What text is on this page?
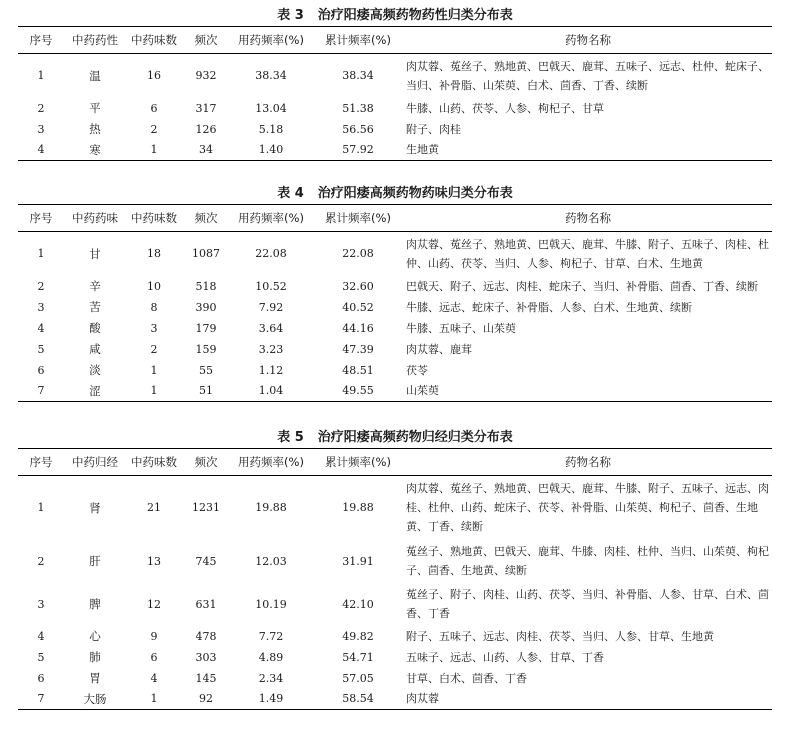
表 3 治疗阳痿高频药物药性归类分布表
序号	中药药性	中药味数	频次	用药频率(%)	累计频率(%)	药物名称
1	温	16	932	38.34	38.34	肉苁蓉、菟丝子、熟地黄、巴戟天、鹿茸、五味子、远志、杜仲、蛇床子、
当归、补骨脂、山茱萸、白术、茴香、丁香、续断

2	平	6	317	13.04	51.38	牛膝、山药、茯苓、人参、枸杞子、甘草

3	热	2	126	5.18	56.56	附子、肉桂

4	寒	1	34	1.40	57.92	生地黄
表 4 治疗阳痿高频药物药味归类分布表
序号	中药药味	中药味数	频次	用药频率(%)	累计频率(%)	药物名称
1	甘	18	1087	22.08	22.08	肉苁蓉、菟丝子、熟地黄、巴戟天、鹿茸、牛膝、附子、五味子、肉桂、杜
仲、山药、茯苓、当归、人参、枸杞子、甘草、白术、生地黄

2	辛	10	518	10.52	32.60	巴戟天、附子、远志、肉桂、蛇床子、当归、补骨脂、茴香、丁香、续断

3	苦	8	390	7.92	40.52	牛膝、远志、蛇床子、补骨脂、人参、白术、生地黄、续断

4	酸	3	179	3.64	44.16	牛膝、五味子、山茱萸

5	咸	2	159	3.23	47.39	肉苁蓉、鹿茸

6	淡	1	55	1.12	48.51	茯苓

7	涩	1	51	1.04	49.55	山茱萸
表 5 治疗阳痿高频药物归经归类分布表
序号	中药归经	中药味数	频次	用药频率(%)	累计频率(%)	药物名称
1	肾	21	1231	19.88	19.88	肉苁蓉、菟丝子、熟地黄、巴戟天、鹿茸、牛膝、附子、五味子、远志、肉
桂、杜仲、山药、蛇床子、茯苓、补骨脂、山茱萸、枸杞子、茴香、生地
黄、丁香、续断

2	肝	13	745	12.03	31.91	菟丝子、熟地黄、巴戟天、鹿茸、牛膝、肉桂、杜仲、当归、山茱萸、枸杞
子、茴香、生地黄、续断

3	脾	12	631	10.19	42.10	菟丝子、附子、肉桂、山药、茯苓、当归、补骨脂、人参、甘草、白术、茴
香、丁香

4	心	9	478	7.72	49.82	附子、五味子、远志、肉桂、茯苓、当归、人参、甘草、生地黄

5	肺	6	303	4.89	54.71	五味子、远志、山药、人参、甘草、丁香

6	胃	4	145	2.34	57.05	甘草、白术、茴香、丁香

7	大肠	1	92	1.49	58.54	肉苁蓉
